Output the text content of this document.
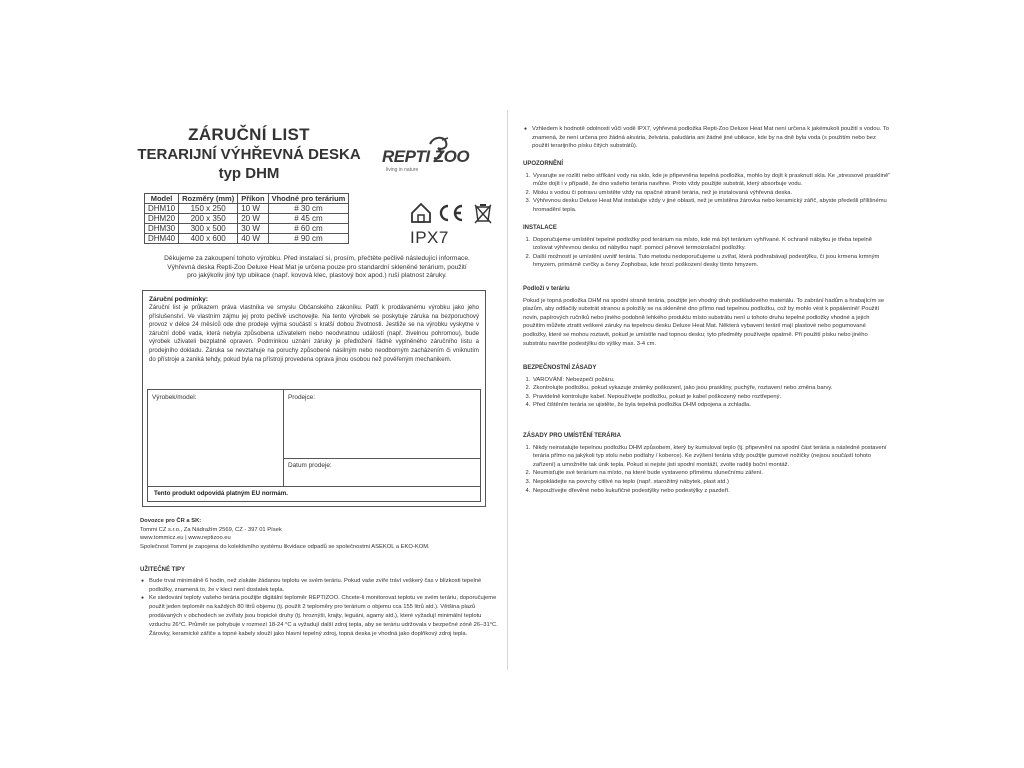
ZÁRUČNÍ LIST
TERARIJNÍ VÝHŘEVNÁ DESKA
typ DHM
REPTI ZOO
living in nature
Model	Rozměry (mm)	Příkon	Vhodné pro terárium
DHM10	150 x 250	10 W	# 30 cm
DHM20	200 x 350	20 W	# 45 cm
DHM30	300 x 500	30 W	# 60 cm
DHM40	400 x 600	40 W	# 90 cm	IPX7
Děkujeme za zakoupení tohoto výrobku. Před instalací si, prosím, přečtěte pečlivě následující informace.
Výhřevná deska Repti-Zoo Deluxe Heat Mat je určena pouze pro standardní skleněné terárium, použití
pro jakýkoliv jiný typ ubikace (např. kovová klec, plastový box apod.) ruší platnost záruky.
Záruční podmínky:
Záruční list je průkazem práva vlastníka ve smyslu Občanského zákoníku. Patří k prodávanému výrobku jako jeho příslušenství. Ve vlastním zájmu jej proto pečlivě uschovejte. Na tento výrobek se poskytuje záruka na bezporuchový provoz v délce 24 měsíců ode dne prodeje vyjma součástí s kratší dobou životnosti. Jestliže se na výrobku vyskytne v záruční době vada, která nebyla způsobena uživatelem nebo neodvratnou událostí (např. živelnou pohromou), bude výrobek uživateli bezplatně opraven. Podmínkou uznání záruky je předložení řádně vyplněného záručního listu a prodejního dokladu. Záruka se nevztahuje na poruchy způsobené násilným nebo neodborným zacházením či vniknutím do přístroje a zaniká tehdy, pokud byla na přístroji provedena oprava jinou osobou než pověřeným mechanikem.
Výrobek/model:	Prodejce:
Datum prodeje:
Tento produkt odpovídá platným EU normám.
Dovozce pro ČR a SK:
Tommi CZ s.r.o., Za Nádražím 2569, CZ - 397 01 Písek
www.tommicz.eu | www.reptizoo.eu
Společnost Tommi je zapojena do kolektivního systému likvidace odpadů se společnostmi ASEKOL a EKO-KOM.
UŽITEČNÉ TIPY
● Bude trvat minimálně 6 hodin, než získáte žádanou teplotu ve svém teráriu. Pokud vaše zvíře tráví veškerý čas v blízkosti tepelné podložky, znamená to, že v kleci není dostatek tepla.
● Ke sledování teploty vašeho terária použijte digitální teploměr REPTIZOO. Chcete-li monitorovat teplotu ve svém teráriu, doporučujeme použít jeden teploměr na každých 80 litrů objemu (tj. použít 2 teploměry pro terárium o objemu cca 155 litrů atd.). Většina plazů prodávaných v obchodech se zvířaty jsou tropické druhy (tj. hroznýši, krajty, leguáni, agamy atd.), které vyžadují minimální teplotu vzduchu 26°C. Průměr se pohybuje v rozmezí 18-24 °C a vyžadují další zdroj tepla, aby se teráriu udržovala v bezpečné zóně 26–31°C. Žárovky, keramické zářiče a topné kabely slouží jako hlavní tepelný zdroj, topná deska je vhodná jako doplňkový zdroj tepla.
● Vzhledem k hodnotě odolnosti vůči vodě IPX7, výhřevná podložka Repti-Zoo Deluxe Heat Mat není určena k jakémukoli použití s vodou. To znamená, že není určena pro žádná akvária, želvária, paludária ani žádné jiné ubikace, kde by na dně byla voda (s použitím nebo bez použití terarijního písku čitých substrátů).
UPOZORNĚNÍ
1. Vyvarujte se rozlití nebo stříkání vody na sklo, kde je připevněna tepelná podložka, mohlo by dojít k prasknutí skla. Ke „stressové prasklině" může dojít i v případě, že dno vašeho terária navlhne. Proto vždy použijte substrát, který absorbuje vodu.
2. Misku s vodou či potravu umístěte vždy na opačné straně terária, než je instalovaná výhřevná deska.
3. Výhřevnou desku Deluxe Heat Mat instalujte vždy v jiné oblasti, než je umístěna žárovka nebo keramický zářič, abyste předešli přílišnému hromadění tepla.
INSTALACE
1. Doporučujeme umístění tepelné podložky pod terárium na místo, kde má být terárium vyhřívané. K ochraně nábytku je třeba tepelně izolovat výhřevnou desku od nábytku např. pomocí pěnové termoizolační podložky.
2. Další možností je umístění uvnitř terária. Tuto metodu nedoporučujeme u zvířat, která podhrabávají podestýlku, či jsou krmena krmným hmyzem, primárně cvrčky a červy Zophobas, kde hrozí poškození desky tímto hmyzem.
Podloží v teráriu

Pokud je topná podložka DHM na spodní straně terária, použijte jen vhodný druh podkladového materiálu. To zabrání hadům a hrabajícím se plazům, aby odtlačily substrát stranou a položily se na skleněné dno přímo nad tepelnou podložku, což by mohlo vést k popálenině! Použití novin, papírových ručníků nebo jiného podobně lehkého produktu místo substrátu není u tohoto druhu tepelné podložky vhodné a jejich použitím můžete ztratit veškeré záruky na tepelnou desku Deluxe Heat Mat. Některá vybavení terárií mají plastové nebo pogumované podložky, které se mohou roztavit, pokud je umístíte nad topnou desku; tyto předměty používejte opatrně. Při použití písku nebo jiného substrátu navršte podestýlku do výšky max. 3-4 cm.

BEZPEČNOSTNÍ ZÁSADY
1. VAROVÁNÍ: Nebezpečí požáru.
2. Zkontrolujte podložku, pokud vykazuje známky poškození, jako jsou praskliny, puchýře, roztavení nebo změna barvy.
3. Pravidelně kontrolujte kabel. Nepoužívejte podložku, pokud je kabel poškozený nebo roztřepený.
4. Před čištěním terária se ujistěte, že byla tepelná podložka DHM odpojena a zchladla.
ZÁSADY PRO UMÍSTĚNÍ TERÁRIA
1. Nikdy neinstalujte tepelnou podložku DHM způsobem, který by kumuloval teplo (tj. připevnění na spodní část terária a následné postavení terária přímo na jakýkoli typ stolu nebo podlahy / koberce). Ke zvýšení terária vždy použijte gumové nožičky (nejsou součástí tohoto zařízení) a umožněte tak únik tepla. Pokud si nejste jisti spodní montáží, zvolte raději boční montáž.
2. Neumisťujte své terárium na místo, na které bude vystaveno přímému slunečnímu záření.
3. Nepokládejte na povrchy citlivé na teplo (např. starožitný nábytek, plast atd.)
4. Nepoužívejte dřevěné nebo kukuřičné podestýlky nebo podestýlky z pazdeří.
